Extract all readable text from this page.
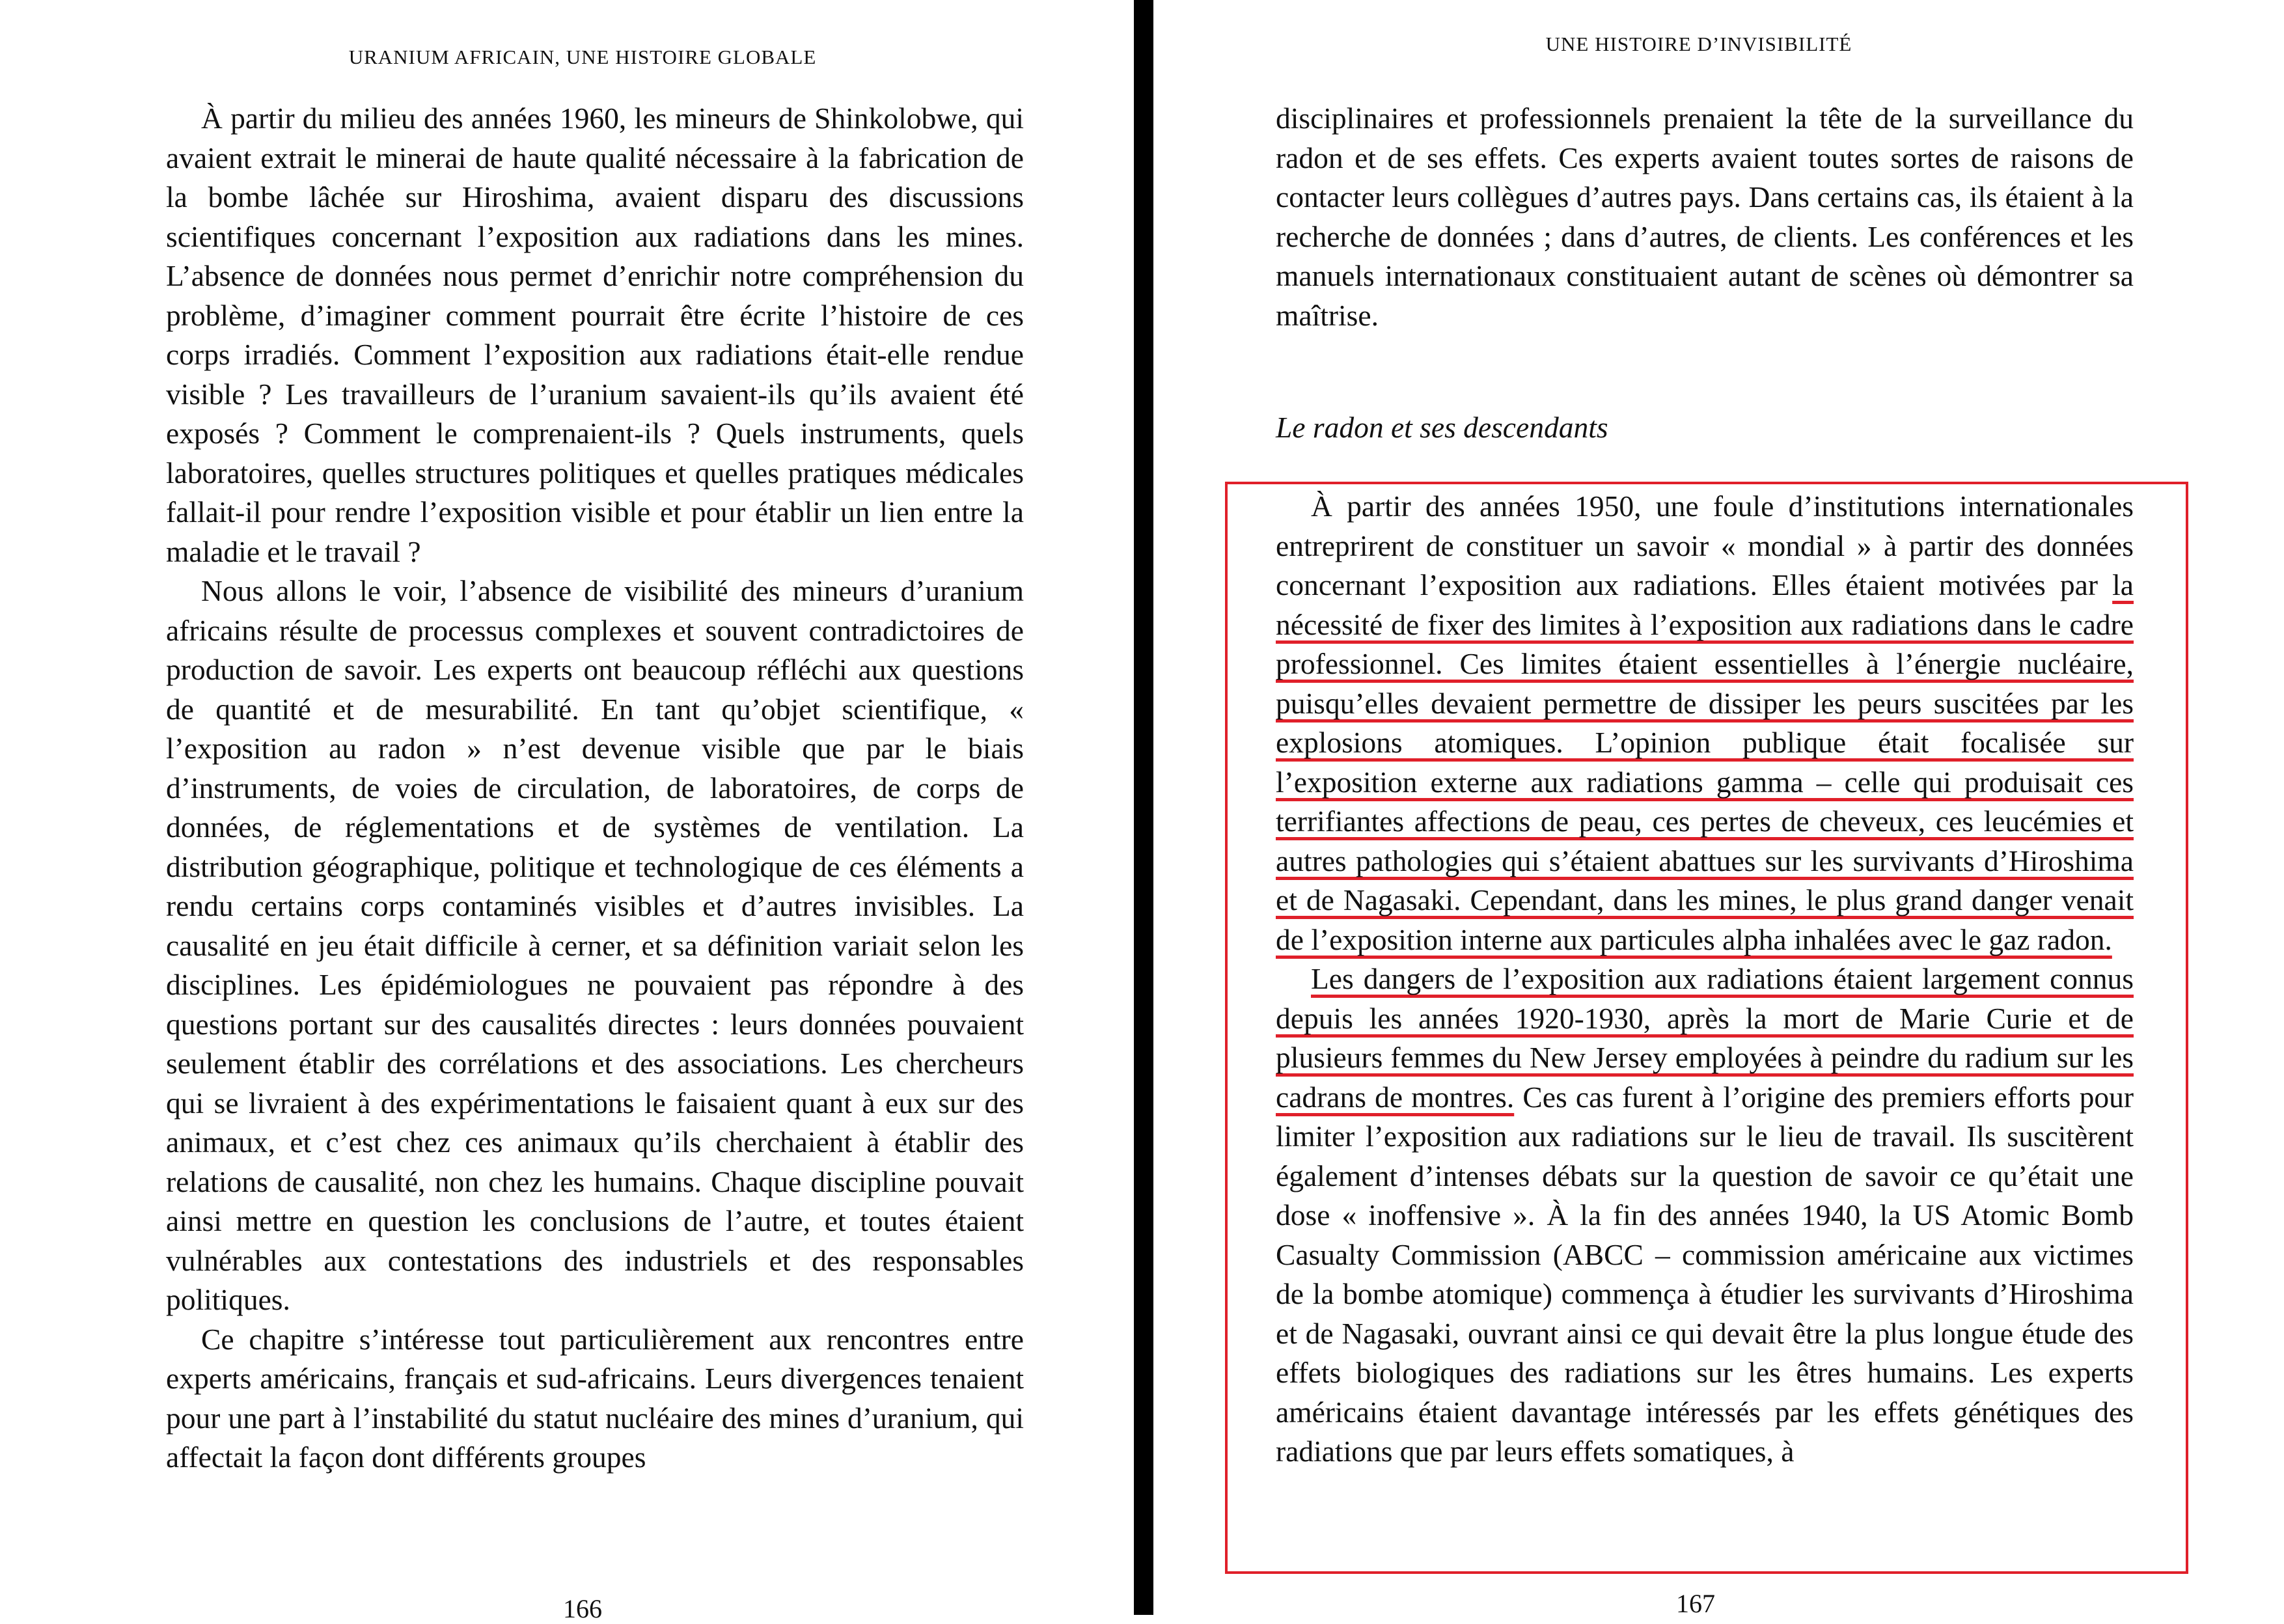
URANIUM AFRICAIN, UNE HISTOIRE GLOBALE

À partir du milieu des années 1960, les mineurs de Shinkolobwe, qui avaient extrait le minerai de haute qualité nécessaire à la fabrication de la bombe lâchée sur Hiroshima, avaient disparu des discussions scientifiques concernant l’exposition aux radiations dans les mines. L’absence de données nous permet d’enrichir notre compréhension du problème, d’imaginer comment pourrait être écrite l’histoire de ces corps irradiés. Comment l’exposition aux radiations était-elle rendue visible ? Les travailleurs de l’uranium savaient-ils qu’ils avaient été exposés ? Comment le comprenaient-ils ? Quels instruments, quels laboratoires, quelles structures politiques et quelles pratiques médicales fallait-il pour rendre l’exposition visible et pour établir un lien entre la maladie et le travail ?

Nous allons le voir, l’absence de visibilité des mineurs d’uranium africains résulte de processus complexes et souvent contradictoires de production de savoir. Les experts ont beaucoup réfléchi aux questions de quantité et de mesurabilité. En tant qu’objet scientifique, « l’exposition au radon » n’est devenue visible que par le biais d’instruments, de voies de circulation, de laboratoires, de corps de données, de réglementations et de systèmes de ventilation. La distribution géographique, politique et technologique de ces éléments a rendu certains corps contaminés visibles et d’autres invisibles. La causalité en jeu était difficile à cerner, et sa définition variait selon les disciplines. Les épidémiologues ne pouvaient pas répondre à des questions portant sur des causalités directes : leurs données pouvaient seulement établir des corrélations et des associations. Les chercheurs qui se livraient à des expérimentations le faisaient quant à eux sur des animaux, et c’est chez ces animaux qu’ils cherchaient à établir des relations de causalité, non chez les humains. Chaque discipline pouvait ainsi mettre en question les conclusions de l’autre, et toutes étaient vulnérables aux contestations des industriels et des responsables politiques.

Ce chapitre s’intéresse tout particulièrement aux rencontres entre experts américains, français et sud-africains. Leurs divergences tenaient pour une part à l’instabilité du statut nucléaire des mines d’uranium, qui affectait la façon dont différents groupes

166
UNE HISTOIRE D’INVISIBILITÉ

disciplinaires et professionnels prenaient la tête de la surveillance du radon et de ses effets. Ces experts avaient toutes sortes de raisons de contacter leurs collègues d’autres pays. Dans certains cas, ils étaient à la recherche de données ; dans d’autres, de clients. Les conférences et les manuels internationaux constituaient autant de scènes où démontrer sa maîtrise.

Le radon et ses descendants

À partir des années 1950, une foule d’institutions internationales entreprirent de constituer un savoir « mondial » à partir des données concernant l’exposition aux radiations. Elles étaient motivées par la nécessité de fixer des limites à l’exposition aux radiations dans le cadre professionnel. Ces limites étaient essentielles à l’énergie nucléaire, puisqu’elles devaient permettre de dissiper les peurs suscitées par les explosions atomiques. L’opinion publique était focalisée sur l’exposition externe aux radiations gamma – celle qui produisait ces terrifiantes affections de peau, ces pertes de cheveux, ces leucémies et autres pathologies qui s’étaient abattues sur les survivants d’Hiroshima et de Nagasaki. Cependant, dans les mines, le plus grand danger venait de l’exposition interne aux particules alpha inhalées avec le gaz radon.

Les dangers de l’exposition aux radiations étaient largement connus depuis les années 1920-1930, après la mort de Marie Curie et de plusieurs femmes du New Jersey employées à peindre du radium sur les cadrans de montres. Ces cas furent à l’origine des premiers efforts pour limiter l’exposition aux radiations sur le lieu de travail. Ils suscitèrent également d’intenses débats sur la question de savoir ce qu’était une dose « inoffensive ». À la fin des années 1940, la US Atomic Bomb Casualty Commission (ABCC – commission américaine aux victimes de la bombe atomique) commença à étudier les survivants d’Hiroshima et de Nagasaki, ouvrant ainsi ce qui devait être la plus longue étude des effets biologiques des radiations sur les êtres humains. Les experts américains étaient davantage intéressés par les effets génétiques des radiations que par leurs effets somatiques, à

167
